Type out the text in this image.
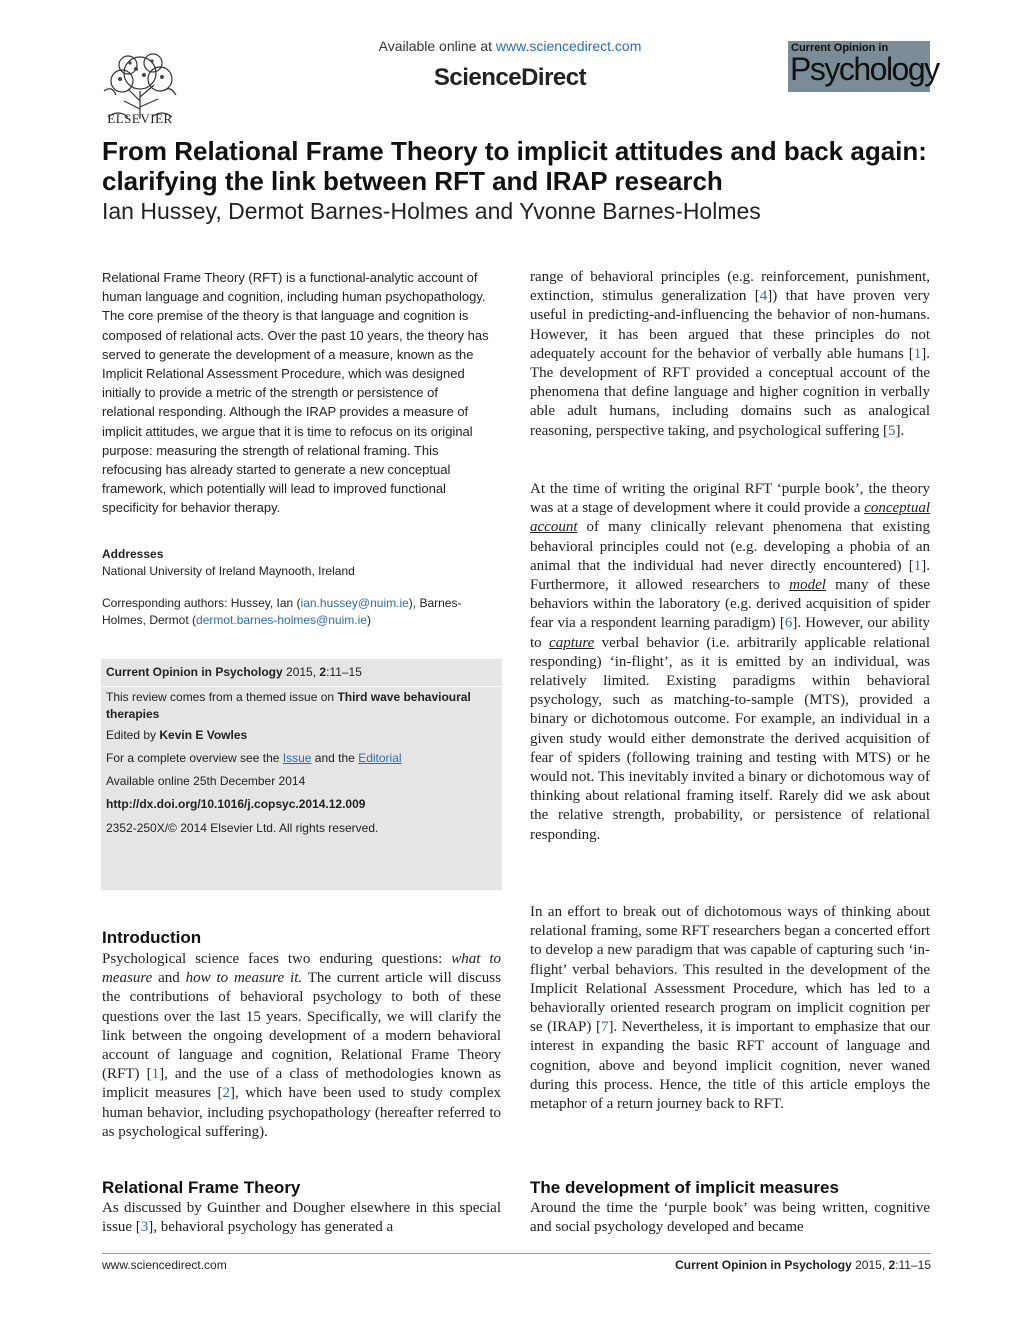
ELSEVIER
Available online at www.sciencedirect.com
ScienceDirect
Current Opinion in
Psychology
From Relational Frame Theory to implicit attitudes and back again: clarifying the link between RFT and IRAP research
Ian Hussey, Dermot Barnes-Holmes and Yvonne Barnes-Holmes
Relational Frame Theory (RFT) is a functional-analytic account of human language and cognition, including human psychopathology. The core premise of the theory is that language and cognition is composed of relational acts. Over the past 10 years, the theory has served to generate the development of a measure, known as the Implicit Relational Assessment Procedure, which was designed initially to provide a metric of the strength or persistence of relational responding. Although the IRAP provides a measure of implicit attitudes, we argue that it is time to refocus on its original purpose: measuring the strength of relational framing. This refocusing has already started to generate a new conceptual framework, which potentially will lead to improved functional specificity for behavior therapy.
Addresses
National University of Ireland Maynooth, Ireland
Corresponding authors: Hussey, Ian (ian.hussey@nuim.ie), Barnes-Holmes, Dermot (dermot.barnes-holmes@nuim.ie)
Current Opinion in Psychology 2015, 2:11–15
This review comes from a themed issue on Third wave behavioural therapies
Edited by Kevin E Vowles
For a complete overview see the Issue and the Editorial
Available online 25th December 2014
http://dx.doi.org/10.1016/j.copsyc.2014.12.009
2352-250X/© 2014 Elsevier Ltd. All rights reserved.
Introduction

Psychological science faces two enduring questions: what to measure and how to measure it. The current article will discuss the contributions of behavioral psychology to both of these questions over the last 15 years. Specifically, we will clarify the link between the ongoing development of a modern behavioral account of language and cognition, Relational Frame Theory (RFT) [1], and the use of a class of methodologies known as implicit measures [2], which have been used to study complex human behavior, including psychopathology (hereafter referred to as psychological suffering).

Relational Frame Theory

As discussed by Guinther and Dougher elsewhere in this special issue [3], behavioral psychology has generated a

range of behavioral principles (e.g. reinforcement, punishment, extinction, stimulus generalization [4]) that have proven very useful in predicting-and-influencing the behavior of non-humans. However, it has been argued that these principles do not adequately account for the behavior of verbally able humans [1]. The development of RFT provided a conceptual account of the phenomena that define language and higher cognition in verbally able adult humans, including domains such as analogical reasoning, perspective taking, and psychological suffering [5].

At the time of writing the original RFT ‘purple book’, the theory was at a stage of development where it could provide a conceptual account of many clinically relevant phenomena that existing behavioral principles could not (e.g. developing a phobia of an animal that the individual had never directly encountered) [1]. Furthermore, it allowed researchers to model many of these behaviors within the laboratory (e.g. derived acquisition of spider fear via a respondent learning paradigm) [6]. However, our ability to capture verbal behavior (i.e. arbitrarily applicable relational responding) ‘in-flight’, as it is emitted by an individual, was relatively limited. Existing paradigms within behavioral psychology, such as matching-to-sample (MTS), provided a binary or dichotomous outcome. For example, an individual in a given study would either demonstrate the derived acquisition of fear of spiders (following training and testing with MTS) or he would not. This inevitably invited a binary or dichotomous way of thinking about relational framing itself. Rarely did we ask about the relative strength, probability, or persistence of relational responding.

In an effort to break out of dichotomous ways of thinking about relational framing, some RFT researchers began a concerted effort to develop a new paradigm that was capable of capturing such ‘in-flight’ verbal behaviors. This resulted in the development of the Implicit Relational Assessment Procedure, which has led to a behaviorally oriented research program on implicit cognition per se (IRAP) [7]. Nevertheless, it is important to emphasize that our interest in expanding the basic RFT account of language and cognition, above and beyond implicit cognition, never waned during this process. Hence, the title of this article employs the metaphor of a return journey back to RFT.

The development of implicit measures
Around the time the ‘purple book’ was being written, cognitive and social psychology developed and became
www.sciencedirect.com	Current Opinion in Psychology 2015, 2:11–15
